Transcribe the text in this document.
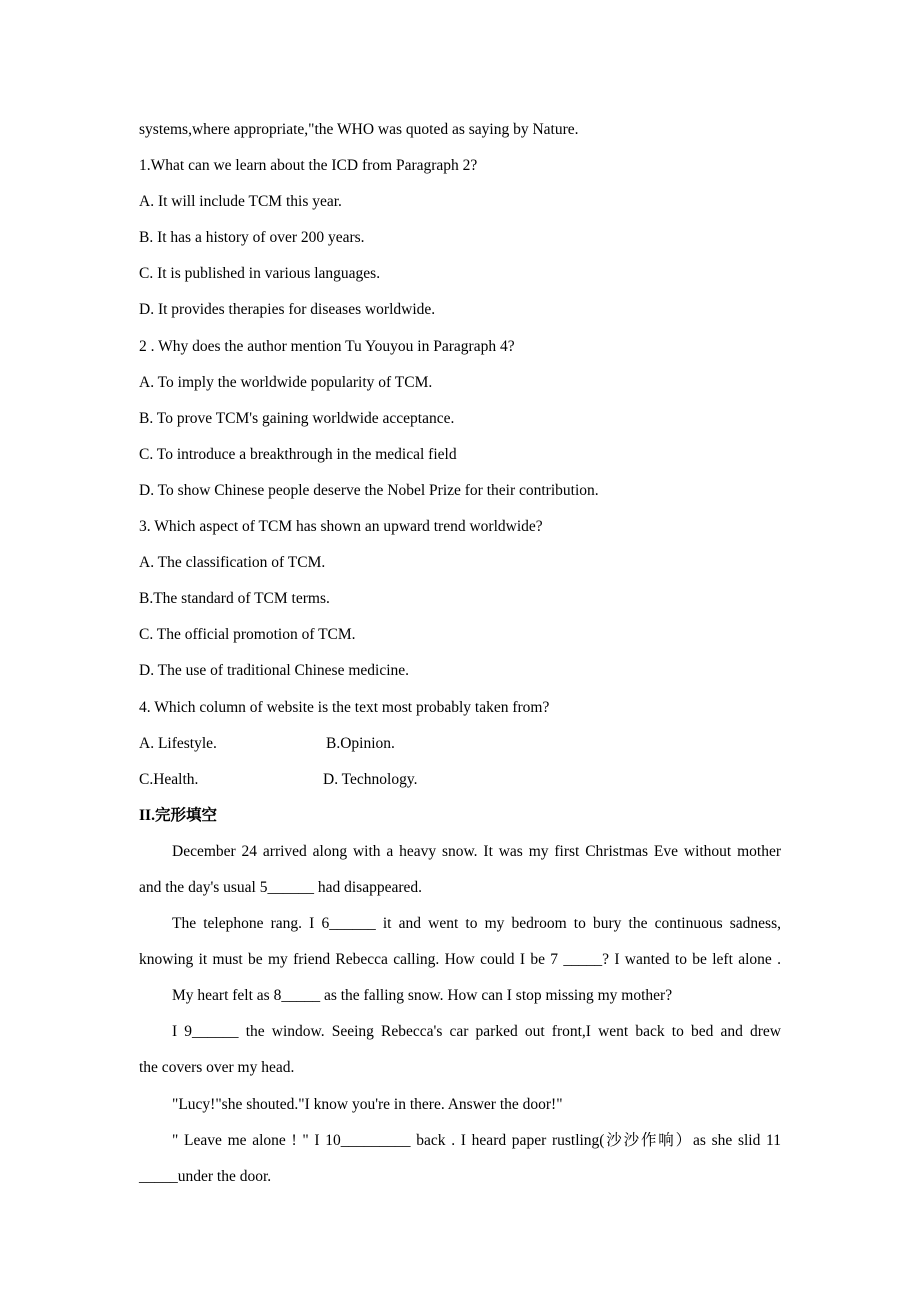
systems,where appropriate,"the WHO was quoted as saying by Nature.
1.What can we learn about the ICD from Paragraph 2?
A. It will include TCM this year.
B. It has a history of over 200 years.
C. It is published in various languages.
D. It provides therapies for diseases worldwide.
2 . Why does the author mention Tu Youyou in Paragraph 4?
A. To imply the worldwide popularity of TCM.
B. To prove TCM's gaining worldwide acceptance.
C. To introduce a breakthrough in the medical field
D. To show Chinese people deserve the Nobel Prize for their contribution.
3. Which aspect of TCM has shown an upward trend worldwide?
A. The classification of TCM.
B.The standard of TCM terms.
C. The official promotion of TCM.
D. The use of traditional Chinese medicine.
4. Which column of website is the text most probably taken from?
A. Lifestyle.	B.Opinion.
C.Health.	D. Technology.
II.完形填空
December 24 arrived along with a heavy snow. It was my first Christmas Eve without mother
and the day's usual 5______ had disappeared.
The telephone rang. I 6______ it and went to my bedroom to bury the continuous sadness,
knowing it must be my friend Rebecca calling. How could I be 7 _____? I wanted to be left alone .
My heart felt as 8_____ as the falling snow. How can I stop missing my mother?
I 9______ the window. Seeing Rebecca's car parked out front,I went back to bed and drew
the covers over my head.
"Lucy!"she shouted."I know you're in there. Answer the door!"
" Leave me alone ! " I 10_________ back . I heard paper rustling(沙沙作响）as she slid 11
_____under the door.
